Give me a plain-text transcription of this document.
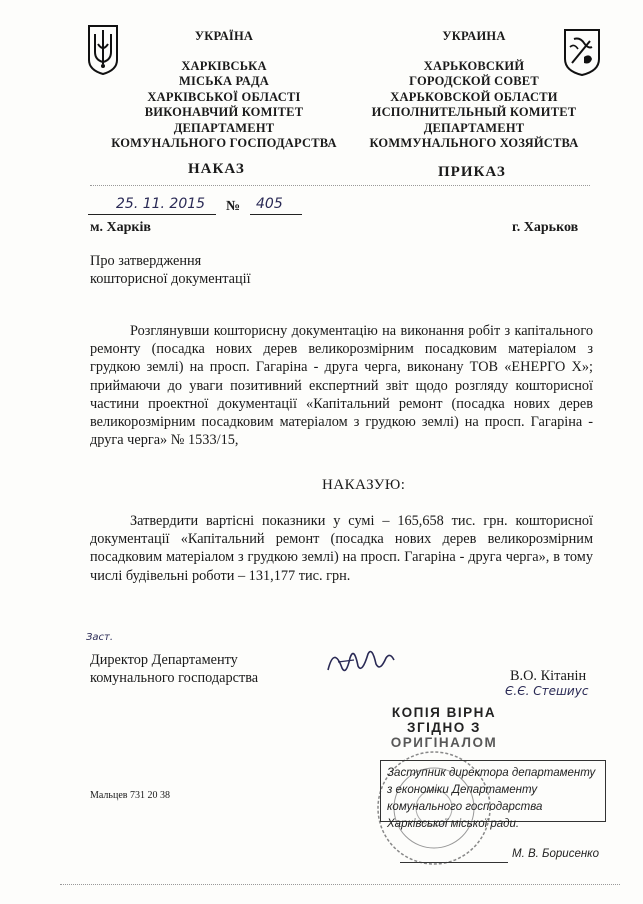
УКРАЇНА
ХАРКІВСЬКА
МІСЬКА РАДА
ХАРКІВСЬКОЇ ОБЛАСТІ
ВИКОНАВЧИЙ КОМІТЕТ
ДЕПАРТАМЕНТ
КОМУНАЛЬНОГО ГОСПОДАРСТВА
УКРАИНА
ХАРЬКОВСКИЙ
ГОРОДСКОЙ СОВЕТ
ХАРЬКОВСКОЙ ОБЛАСТИ
ИСПОЛНИТЕЛЬНЫЙ КОМИТЕТ
ДЕПАРТАМЕНТ
КОММУНАЛЬНОГО ХОЗЯЙСТВА
НАКАЗ	ПРИКАЗ
25. 11. 2015 № 405
м. Харків	г. Харьков
Про затвердження
кошторисної документації
Розглянувши кошторисну документацію на виконання робіт з капітального ремонту (посадка нових дерев великорозмірним посадковим матеріалом з грудкою землі) на просп. Гагаріна - друга черга, виконану ТОВ «ЕНЕРГО Х»; приймаючи до уваги позитивний експертний звіт щодо розгляду кошторисної частини проектної документації «Капітальний ремонт (посадка нових дерев великорозмірним посадковим матеріалом з грудкою землі) на просп. Гагаріна - друга черга» № 1533/15,
НАКАЗУЮ:
Затвердити вартісні показники у сумі – 165,658 тис. грн. кошторисної документації «Капітальний ремонт (посадка нових дерев великорозмірним посадковим матеріалом з грудкою землі) на просп. Гагаріна - друга черга», в тому числі будівельні роботи – 131,177 тис. грн.
Заст.
Директор Департаменту
комунального господарства	В.О. Кітанін
Є.Є. Стешиус
КОПІЯ ВІРНА
ЗГІДНО З
ОРИГІНАЛОМ
Заступник директора департаменту з економіки Департаменту комунального господарства Харківської міської ради.
М. В. Борисенко
Мальцев 731 20 38
